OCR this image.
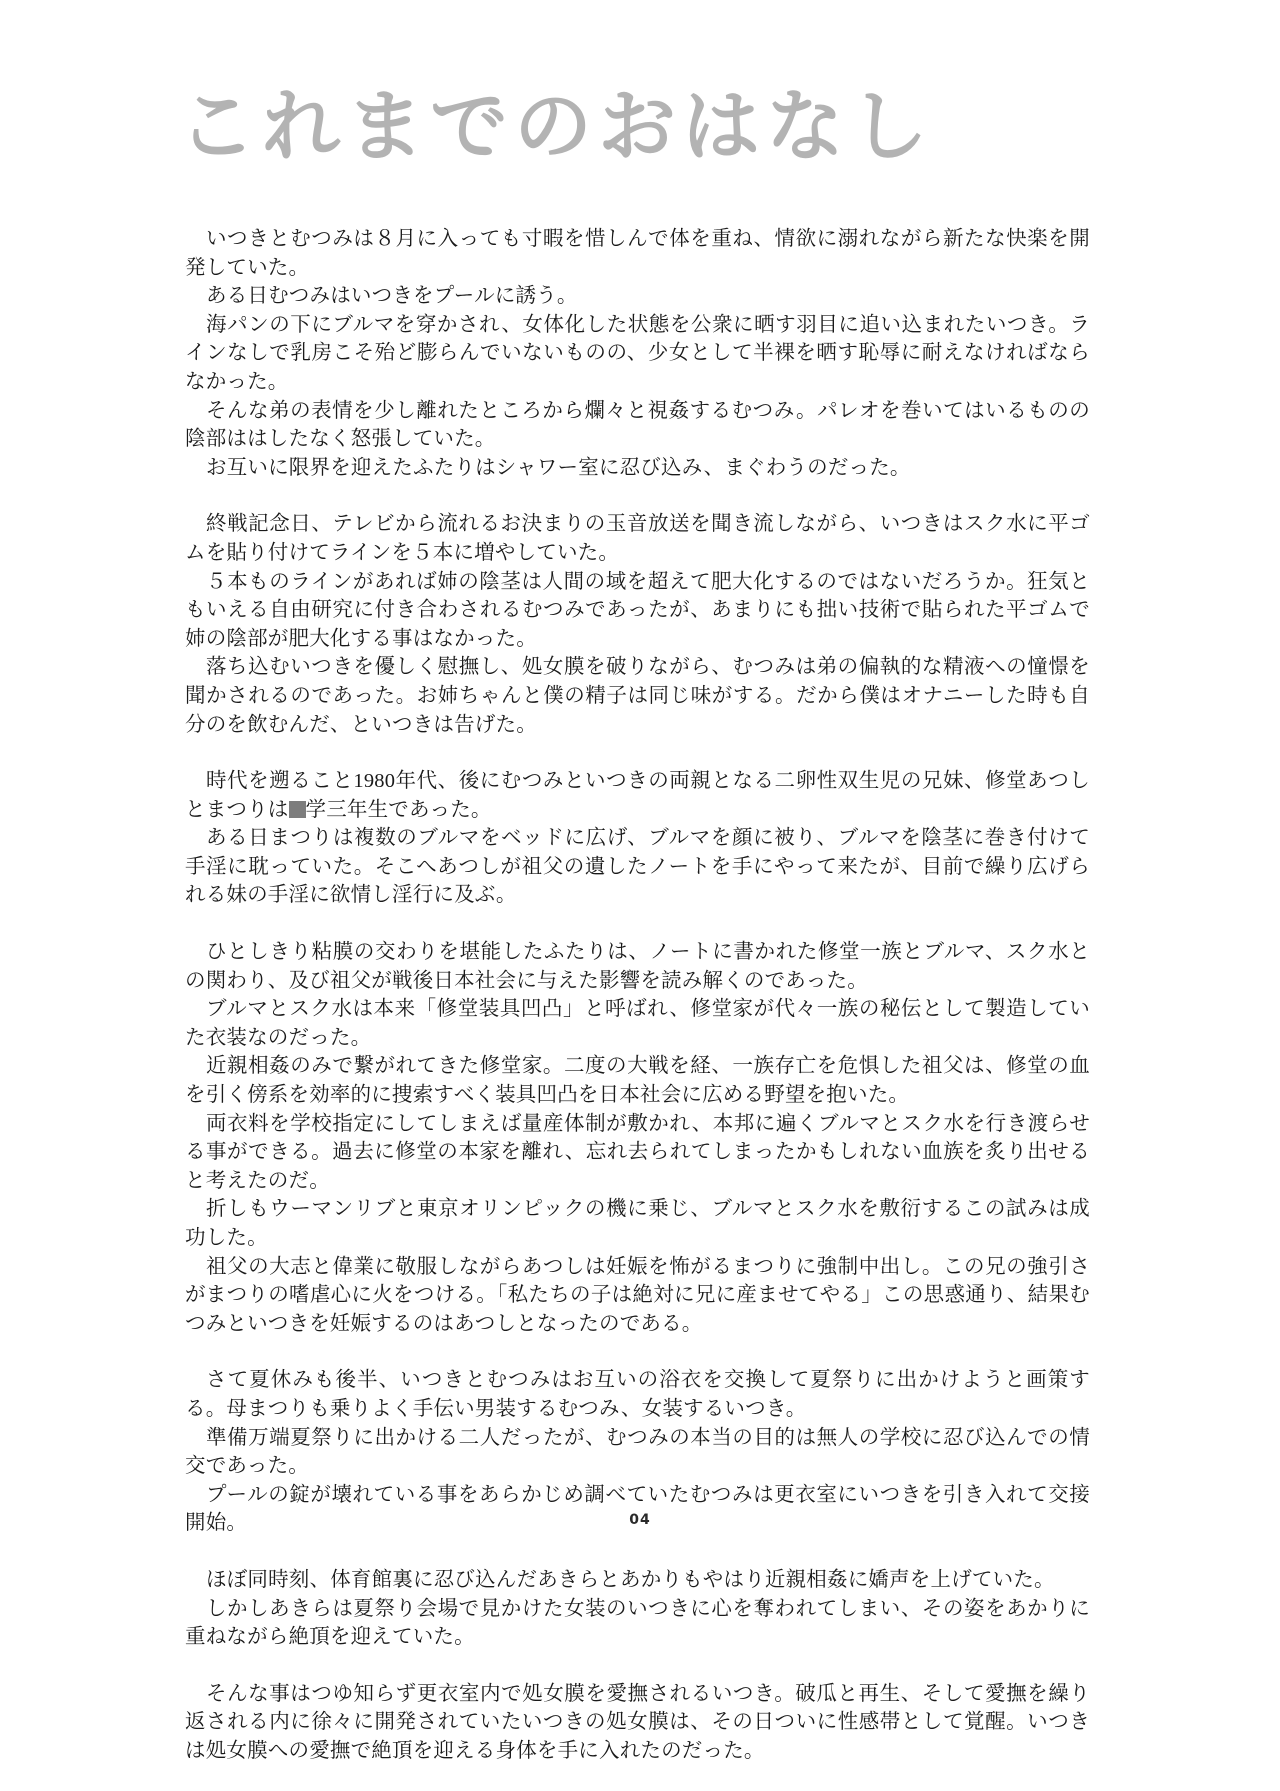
これまでのおはなし

いつきとむつみは８月に入っても寸暇を惜しんで体を重ね、情欲に溺れながら新たな快楽を開発していた。

ある日むつみはいつきをプールに誘う。

海パンの下にブルマを穿かされ、女体化した状態を公衆に晒す羽目に追い込まれたいつき。ラインなしで乳房こそ殆ど膨らんでいないものの、少女として半裸を晒す恥辱に耐えなければならなかった。

そんな弟の表情を少し離れたところから爛々と視姦するむつみ。パレオを巻いてはいるものの陰部ははしたなく怒張していた。

お互いに限界を迎えたふたりはシャワー室に忍び込み、まぐわうのだった。

終戦記念日、テレビから流れるお決まりの玉音放送を聞き流しながら、いつきはスク水に平ゴムを貼り付けてラインを５本に増やしていた。

５本ものラインがあれば姉の陰茎は人間の域を超えて肥大化するのではないだろうか。狂気ともいえる自由研究に付き合わされるむつみであったが、あまりにも拙い技術で貼られた平ゴムで姉の陰部が肥大化する事はなかった。

落ち込むいつきを優しく慰撫し、処女膜を破りながら、むつみは弟の偏執的な精液への憧憬を聞かされるのであった。お姉ちゃんと僕の精子は同じ味がする。だから僕はオナニーした時も自分のを飲むんだ、といつきは告げた。

時代を遡ること1980年代、後にむつみといつきの両親となる二卵性双生児の兄妹、修堂あつしとまつりは 学三年生であった。

ある日まつりは複数のブルマをベッドに広げ、ブルマを顔に被り、ブルマを陰茎に巻き付けて手淫に耽っていた。そこへあつしが祖父の遺したノートを手にやって来たが、目前で繰り広げられる妹の手淫に欲情し淫行に及ぶ。

ひとしきり粘膜の交わりを堪能したふたりは、ノートに書かれた修堂一族とブルマ、スク水との関わり、及び祖父が戦後日本社会に与えた影響を読み解くのであった。

ブルマとスク水は本来「修堂装具凹凸」と呼ばれ、修堂家が代々一族の秘伝として製造していた衣装なのだった。

近親相姦のみで繋がれてきた修堂家。二度の大戦を経、一族存亡を危惧した祖父は、修堂の血を引く傍系を効率的に捜索すべく装具凹凸を日本社会に広める野望を抱いた。

両衣料を学校指定にしてしまえば量産体制が敷かれ、本邦に遍くブルマとスク水を行き渡らせる事ができる。過去に修堂の本家を離れ、忘れ去られてしまったかもしれない血族を炙り出せると考えたのだ。

折しもウーマンリブと東京オリンピックの機に乗じ、ブルマとスク水を敷衍するこの試みは成功した。

祖父の大志と偉業に敬服しながらあつしは妊娠を怖がるまつりに強制中出し。この兄の強引さがまつりの嗜虐心に火をつける。「私たちの子は絶対に兄に産ませてやる」この思惑通り、結果むつみといつきを妊娠するのはあつしとなったのである。

さて夏休みも後半、いつきとむつみはお互いの浴衣を交換して夏祭りに出かけようと画策する。母まつりも乗りよく手伝い男装するむつみ、女装するいつき。

準備万端夏祭りに出かける二人だったが、むつみの本当の目的は無人の学校に忍び込んでの情交であった。

プールの錠が壊れている事をあらかじめ調べていたむつみは更衣室にいつきを引き入れて交接開始。

ほぼ同時刻、体育館裏に忍び込んだあきらとあかりもやはり近親相姦に嬌声を上げていた。

しかしあきらは夏祭り会場で見かけた女装のいつきに心を奪われてしまい、その姿をあかりに重ねながら絶頂を迎えていた。

そんな事はつゆ知らず更衣室内で処女膜を愛撫されるいつき。破瓜と再生、そして愛撫を繰り返される内に徐々に開発されていたいつきの処女膜は、その日ついに性感帯として覚醒。いつきは処女膜への愛撫で絶頂を迎える身体を手に入れたのだった。

04
